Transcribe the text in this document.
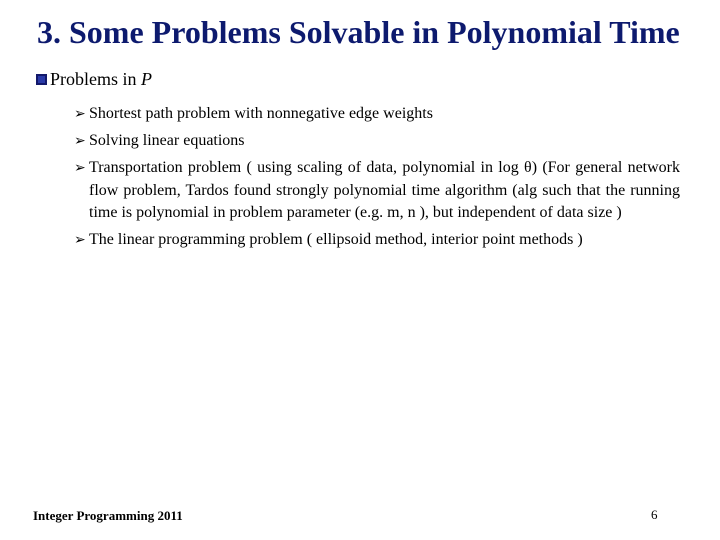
3. Some Problems Solvable in Polynomial Time
Problems in
P
➢ Shortest path problem with nonnegative edge weights
➢ Solving linear equations
➢ Transportation problem ( using scaling of data, polynomial in log θ) (For general network flow problem, Tardos found strongly polynomial time algorithm (alg such that the running time is polynomial in problem parameter (e.g. m, n ), but independent of data size )
➢ The linear programming problem ( ellipsoid method, interior point methods )
Integer Programming 2011	6
